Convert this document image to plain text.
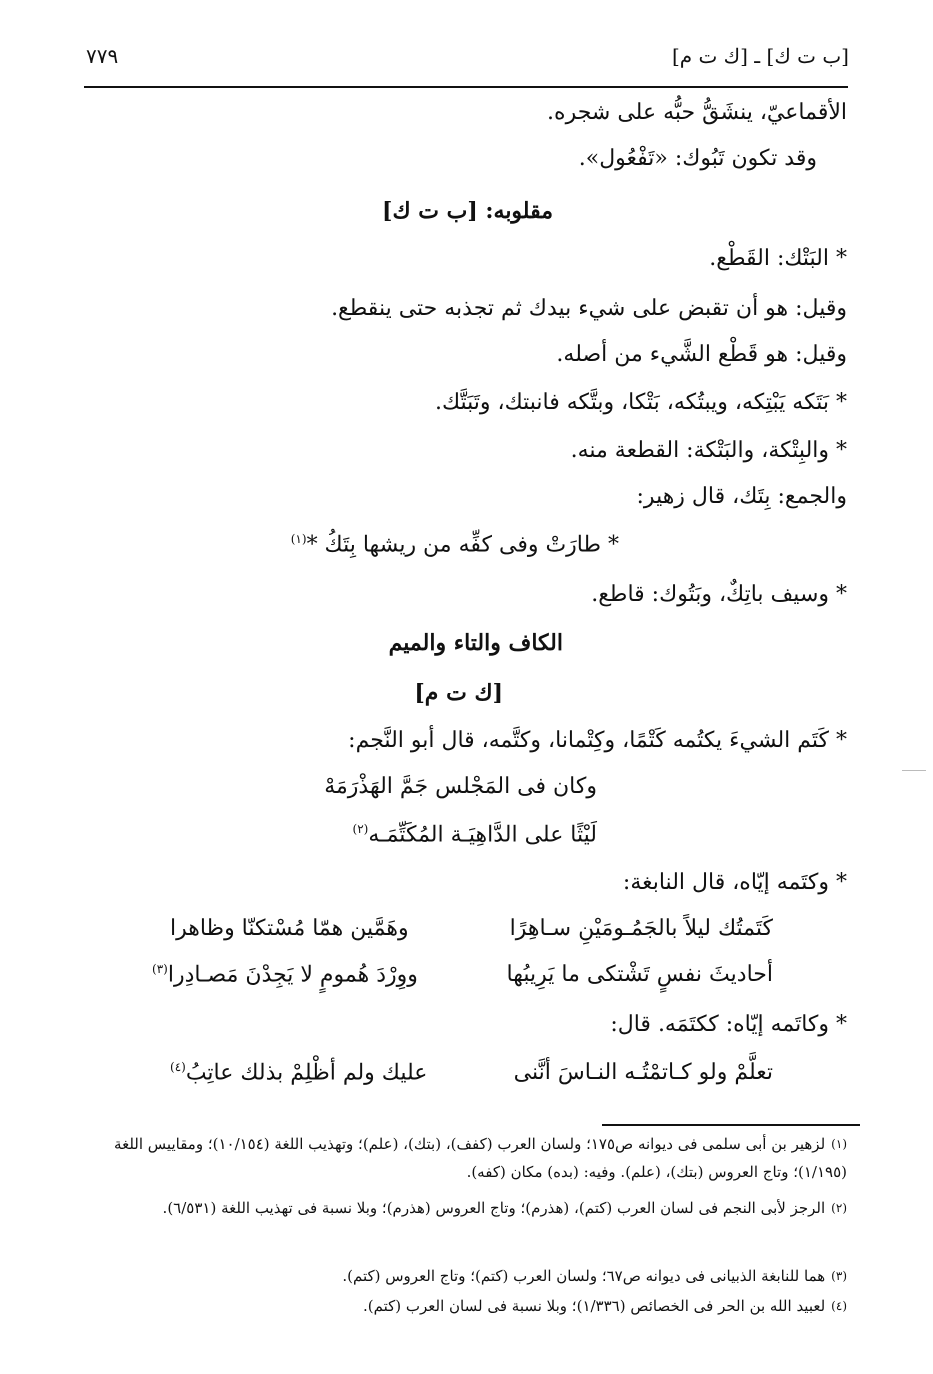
[ب ت ك] ـ [ك ت م]
٧٧٩
الأقماعيّ، ينشَقُّ حبُّه على شجره.
وقد تكون تَبُوك: «تَفْعُول».
مقلوبه: [ب ت ك]
* البَتْك: القَطْع.
وقيل: هو أن تقبض على شيء بيدك ثم تجذبه حتى ينقطع.
وقيل: هو قَطْع الشَّيء من أصله.
* بَتَكه يَبْتِكه، ويبتُكه، بَتْكا، وبتَّكه فانبتك، وتَبَتَّك.
* والبِتْكة، والبَتْكة: القطعة منه.
والجمع: بِتَك، قال زهير:
* طارَتْ وفى كفِّه من ريشها بِتَكُ *$^{(١)}$
* وسيف باتِكٌ، وبَتُوك: قاطع.
الكاف والتاء والميم
[ك ت م]
* كَتَم الشيءَ يكتُمه كَتْمًا، وكِتْمانا، وكتَّمه، قال أبو النَّجم:
وكان فى المَجْلس جَمَّ الهَذْرَمَهْ
لَيْثًا على الدَّاهِيَـة المُكَتِّمَـه$^{(٢)}$
* وكتَمه إيّاه، قال النابغة:
كَتَمتُك ليلاً بالجَمُـومَيْنِ سـاهِرًا
وهَمَّين همّا مُسْتكنّا وظاهرا
أحاديثَ نفسٍ تَشْتكى ما يَرِيبُها
ووِرْدَ هُمومٍ لا يَجِدْنَ مَصـادِرا$^{(٣)}$
* وكاتَمه إيّاه: ككتَمَه. قال:
تعلَّمْ ولو كـاتمْتُـه النـاسَ أنَّنى
عليك ولم أظْلِمْ بذلك عاتِبُ$^{(٤)}$
$^{(١)}$لزهير بن أبى سلمى فى ديوانه ص١٧٥؛ ولسان العرب (كفف)، (بتك)، (علم)؛ وتهذيب اللغة (١٠/١٥٤)؛ ومقاييس اللغة (١/١٩٥)؛ وتاج العروس (بتك)، (علم). وفيه: (بده) مكان (كفه).
$^{(٢)}$الرجز لأبى النجم فى لسان العرب (كتم)، (هذرم)؛ وتاج العروس (هذرم)؛ وبلا نسبة فى تهذيب اللغة (٦/٥٣١).
$^{(٣)}$هما للنابغة الذبيانى فى ديوانه ص٦٧؛ ولسان العرب (كتم)؛ وتاج العروس (كتم).
$^{(٤)}$لعبيد الله بن الحر فى الخصائص (١/٣٣٦)؛ وبلا نسبة فى لسان العرب (كتم).
